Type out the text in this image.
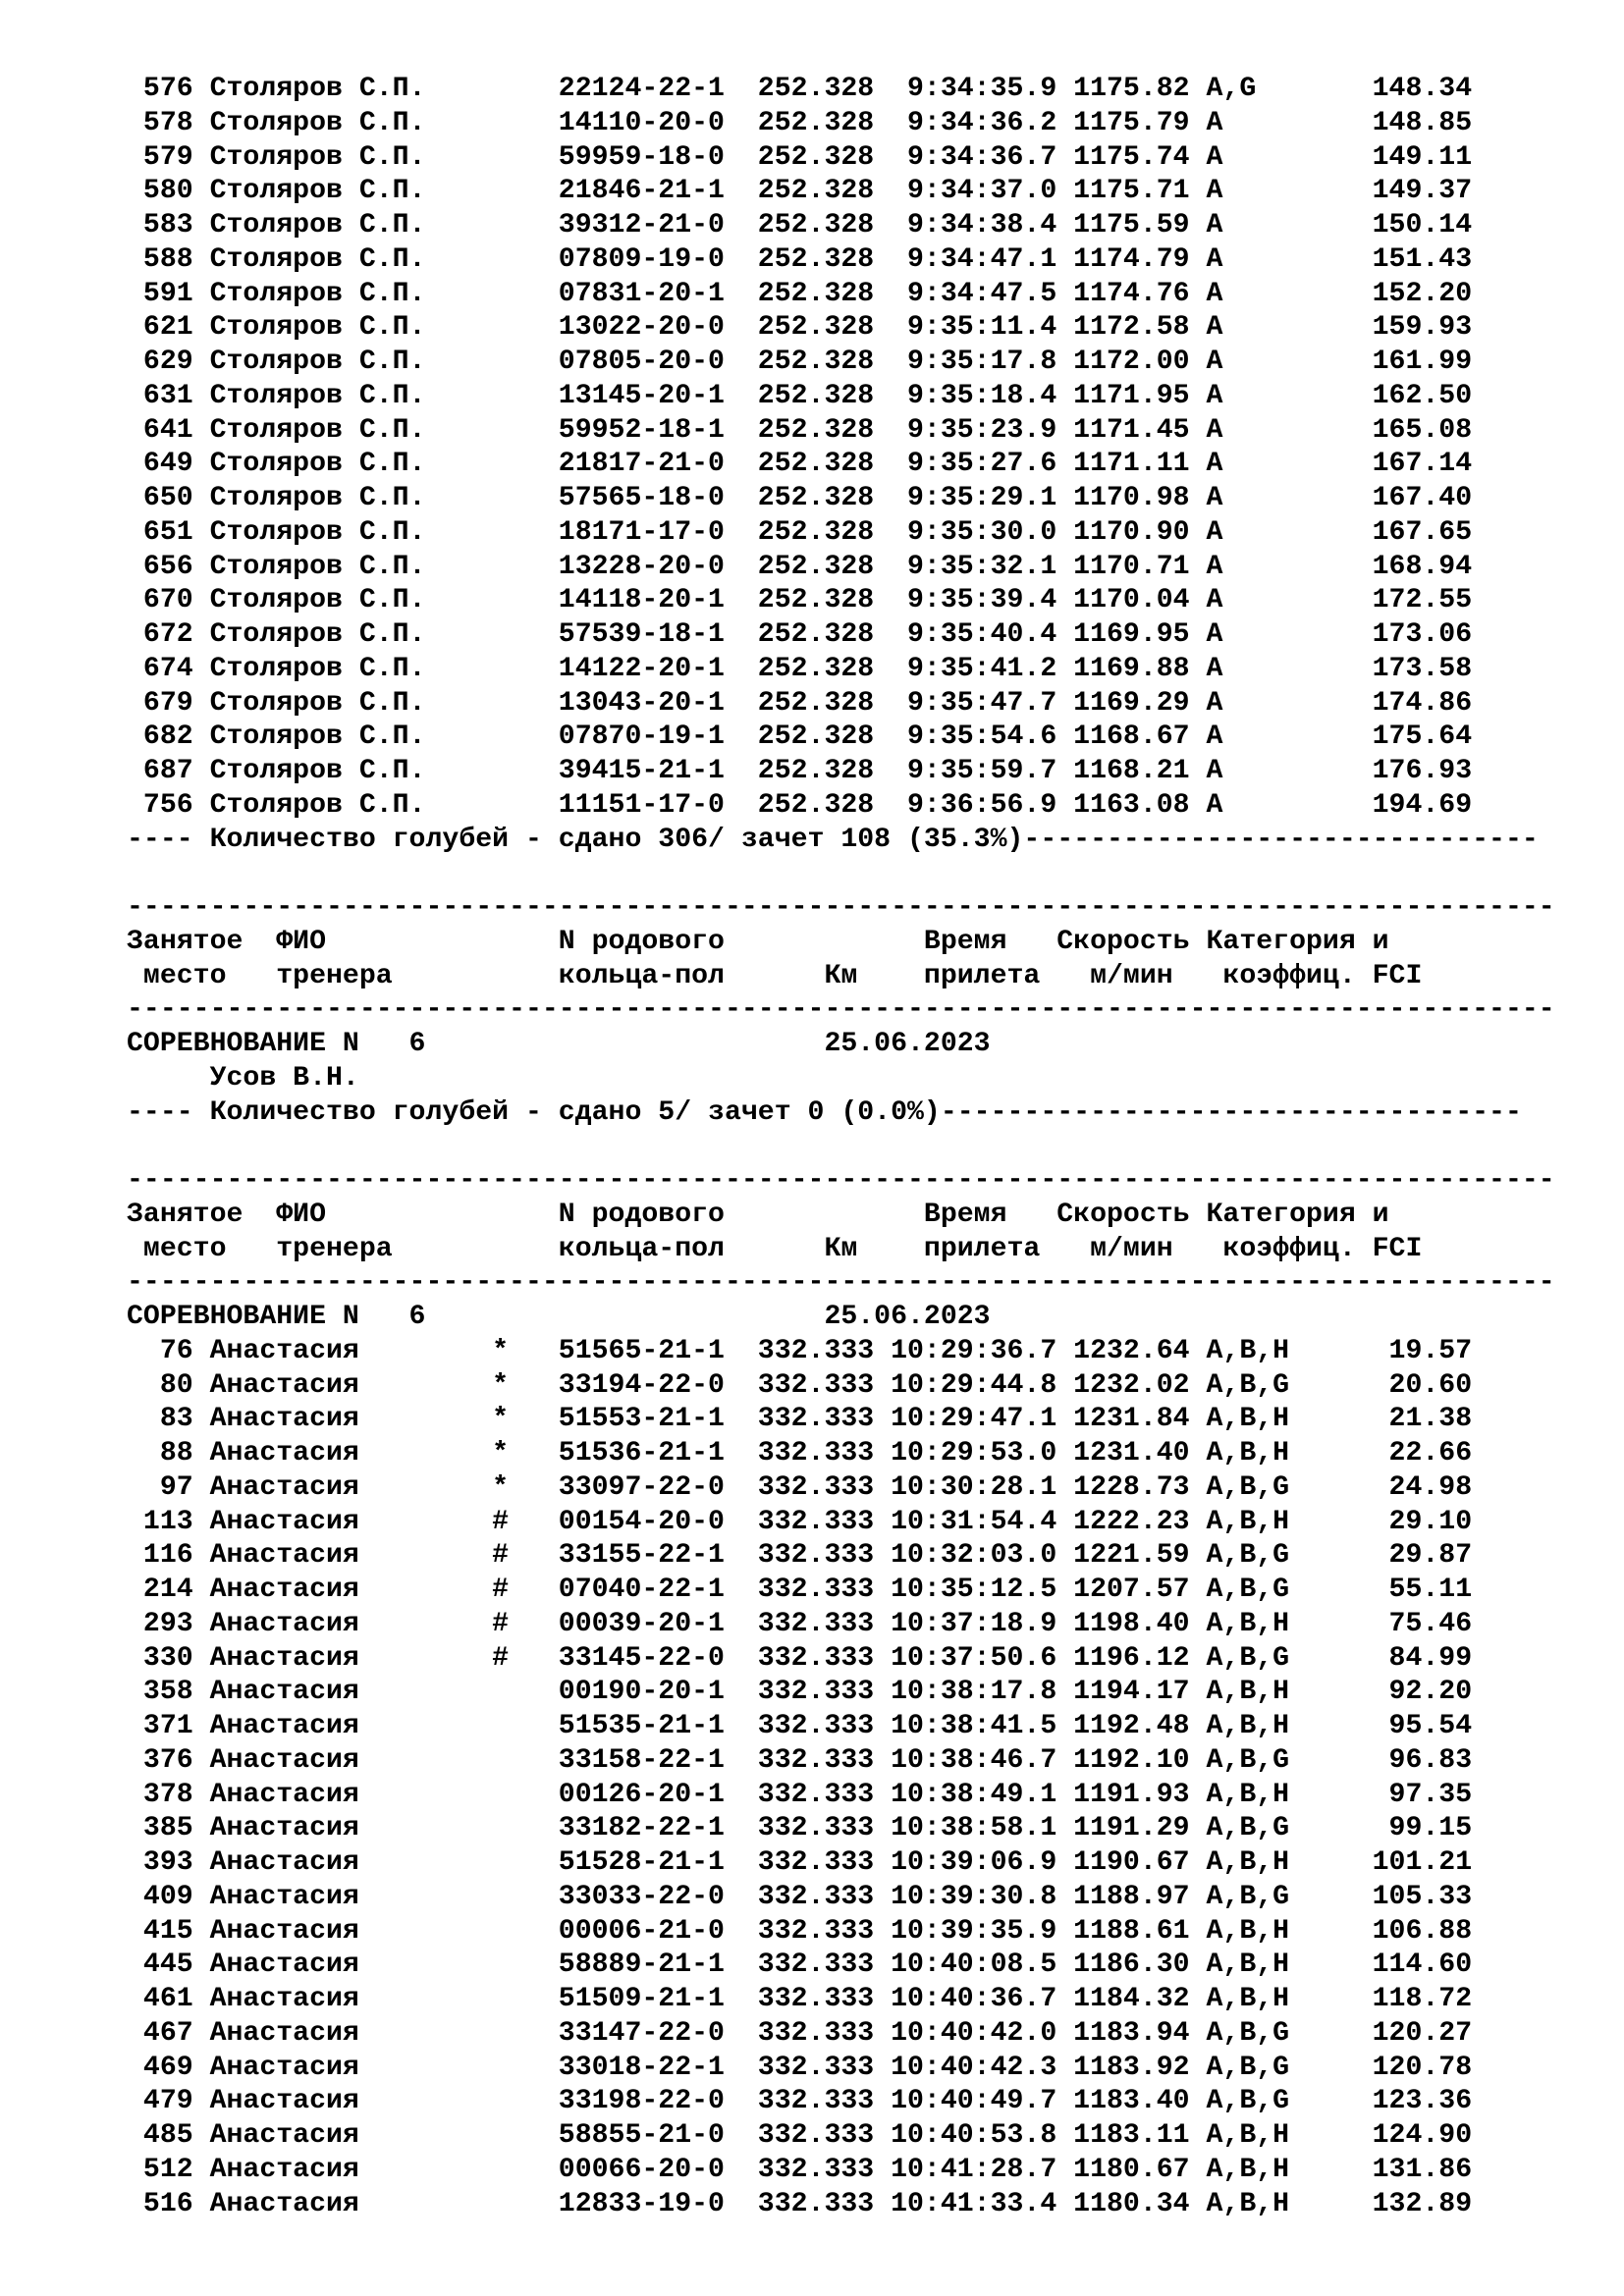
576 Столяров С.П.        22124-22-1  252.328  9:34:35.9 1175.82 A,G       148.34
578 Столяров С.П.        14110-20-0  252.328  9:34:36.2 1175.79 A         148.85
579 Столяров С.П.        59959-18-0  252.328  9:34:36.7 1175.74 A         149.11
580 Столяров С.П.        21846-21-1  252.328  9:34:37.0 1175.71 A         149.37
583 Столяров С.П.        39312-21-0  252.328  9:34:38.4 1175.59 A         150.14
588 Столяров С.П.        07809-19-0  252.328  9:34:47.1 1174.79 A         151.43
591 Столяров С.П.        07831-20-1  252.328  9:34:47.5 1174.76 A         152.20
621 Столяров С.П.        13022-20-0  252.328  9:35:11.4 1172.58 A         159.93
629 Столяров С.П.        07805-20-0  252.328  9:35:17.8 1172.00 A         161.99
631 Столяров С.П.        13145-20-1  252.328  9:35:18.4 1171.95 A         162.50
641 Столяров С.П.        59952-18-1  252.328  9:35:23.9 1171.45 A         165.08
649 Столяров С.П.        21817-21-0  252.328  9:35:27.6 1171.11 A         167.14
650 Столяров С.П.        57565-18-0  252.328  9:35:29.1 1170.98 A         167.40
651 Столяров С.П.        18171-17-0  252.328  9:35:30.0 1170.90 A         167.65
656 Столяров С.П.        13228-20-0  252.328  9:35:32.1 1170.71 A         168.94
670 Столяров С.П.        14118-20-1  252.328  9:35:39.4 1170.04 A         172.55
672 Столяров С.П.        57539-18-1  252.328  9:35:40.4 1169.95 A         173.06
674 Столяров С.П.        14122-20-1  252.328  9:35:41.2 1169.88 A         173.58
679 Столяров С.П.        13043-20-1  252.328  9:35:47.7 1169.29 A         174.86
682 Столяров С.П.        07870-19-1  252.328  9:35:54.6 1168.67 A         175.64
687 Столяров С.П.        39415-21-1  252.328  9:35:59.7 1168.21 A         176.93
756 Столяров С.П.        11151-17-0  252.328  9:36:56.9 1163.08 A         194.69
---- Количество голубей - сдано 306/ зачет 108 (35.3%)-------------------------------
--------------------------------------------------------------------------------------
Занятое  ФИО              N родового            Время   Скорость Категория и
место   тренера          кольца-пол      Км    прилета   м/мин   коэффиц. FCI
--------------------------------------------------------------------------------------
СОРЕВНОВАНИЕ N   6                        25.06.2023
Усов В.Н.
---- Количество голубей - сдано 5/ зачет 0 (0.0%)-----------------------------------
--------------------------------------------------------------------------------------
Занятое  ФИО              N родового            Время   Скорость Категория и
место   тренера          кольца-пол      Км    прилета   м/мин   коэффиц. FCI
--------------------------------------------------------------------------------------
СОРЕВНОВАНИЕ N   6                        25.06.2023
76 Анастасия        *   51565-21-1  332.333 10:29:36.7 1232.64 A,B,H      19.57
80 Анастасия        *   33194-22-0  332.333 10:29:44.8 1232.02 A,B,G      20.60
83 Анастасия        *   51553-21-1  332.333 10:29:47.1 1231.84 A,B,H      21.38
88 Анастасия        *   51536-21-1  332.333 10:29:53.0 1231.40 A,B,H      22.66
97 Анастасия        *   33097-22-0  332.333 10:30:28.1 1228.73 A,B,G      24.98
113 Анастасия        #   00154-20-0  332.333 10:31:54.4 1222.23 A,B,H      29.10
116 Анастасия        #   33155-22-1  332.333 10:32:03.0 1221.59 A,B,G      29.87
214 Анастасия        #   07040-22-1  332.333 10:35:12.5 1207.57 A,B,G      55.11
293 Анастасия        #   00039-20-1  332.333 10:37:18.9 1198.40 A,B,H      75.46
330 Анастасия        #   33145-22-0  332.333 10:37:50.6 1196.12 A,B,G      84.99
358 Анастасия            00190-20-1  332.333 10:38:17.8 1194.17 A,B,H      92.20
371 Анастасия            51535-21-1  332.333 10:38:41.5 1192.48 A,B,H      95.54
376 Анастасия            33158-22-1  332.333 10:38:46.7 1192.10 A,B,G      96.83
378 Анастасия            00126-20-1  332.333 10:38:49.1 1191.93 A,B,H      97.35
385 Анастасия            33182-22-1  332.333 10:38:58.1 1191.29 A,B,G      99.15
393 Анастасия            51528-21-1  332.333 10:39:06.9 1190.67 A,B,H     101.21
409 Анастасия            33033-22-0  332.333 10:39:30.8 1188.97 A,B,G     105.33
415 Анастасия            00006-21-0  332.333 10:39:35.9 1188.61 A,B,H     106.88
445 Анастасия            58889-21-1  332.333 10:40:08.5 1186.30 A,B,H     114.60
461 Анастасия            51509-21-1  332.333 10:40:36.7 1184.32 A,B,H     118.72
467 Анастасия            33147-22-0  332.333 10:40:42.0 1183.94 A,B,G     120.27
469 Анастасия            33018-22-1  332.333 10:40:42.3 1183.92 A,B,G     120.78
479 Анастасия            33198-22-0  332.333 10:40:49.7 1183.40 A,B,G     123.36
485 Анастасия            58855-21-0  332.333 10:40:53.8 1183.11 A,B,H     124.90
512 Анастасия            00066-20-0  332.333 10:41:28.7 1180.67 A,B,H     131.86
516 Анастасия            12833-19-0  332.333 10:41:33.4 1180.34 A,B,H     132.89
